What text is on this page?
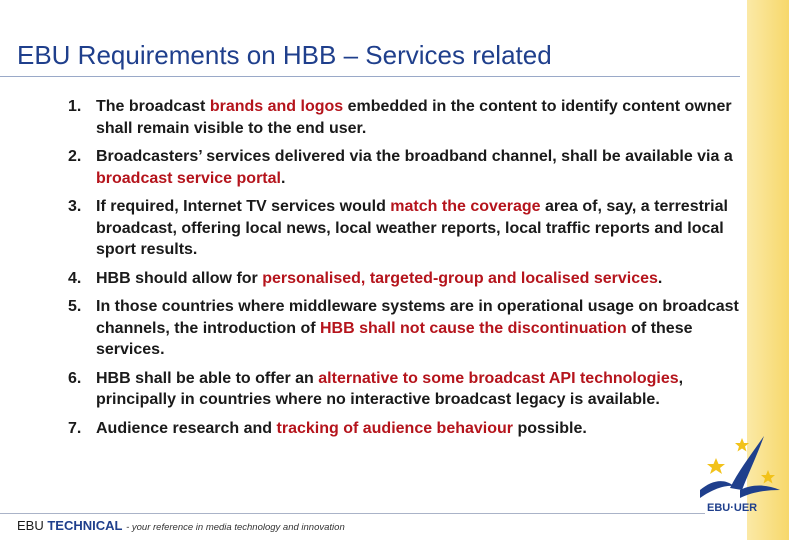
EBU Requirements on HBB – Services related
1. The broadcast brands and logos embedded in the content to identify content owner shall remain visible to the end user.
2. Broadcasters’ services delivered via the broadband channel, shall be available via a broadcast service portal.
3. If required, Internet TV services would match the coverage area of, say, a terrestrial broadcast, offering local news, local weather reports, local traffic reports and local sport results.
4. HBB should allow for personalised, targeted-group and localised services.
5. In those countries where middleware systems are in operational usage on broadcast channels, the introduction of HBB shall not cause the discontinuation of these services.
6. HBB shall be able to offer an alternative to some broadcast API technologies, principally in countries where no interactive broadcast legacy is available.
7. Audience research and tracking of audience behaviour possible.
EBU TECHNICAL - your reference in media technology and innovation
EBU·UER
